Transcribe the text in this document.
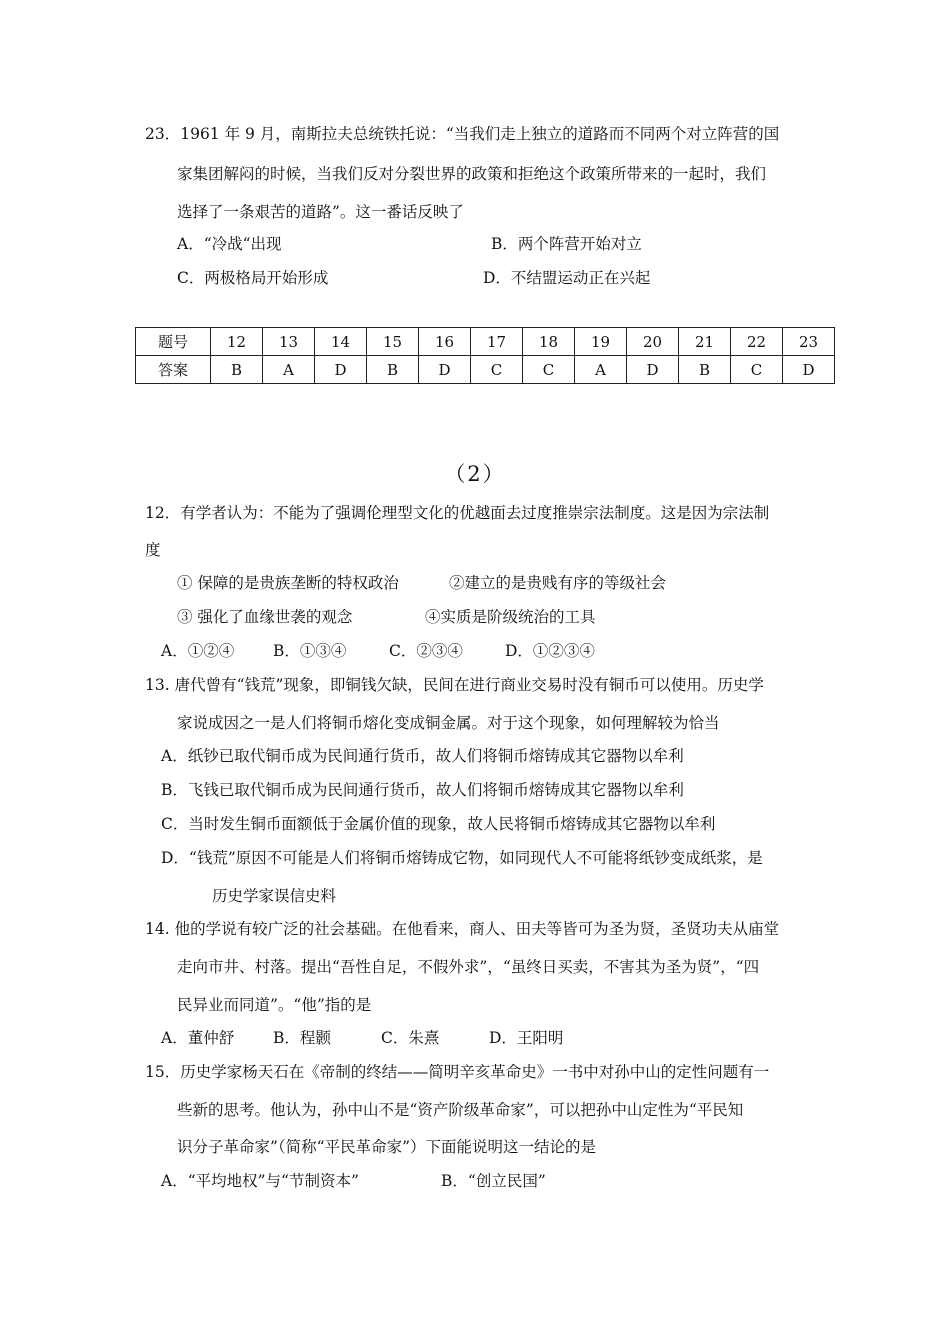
23．1961 年 9 月，南斯拉夫总统铁托说：“当我们走上独立的道路而不同两个对立阵营的国
家集团解闷的时候，当我们反对分裂世界的政策和拒绝这个政策所带来的一起时，我们
选择了一条艰苦的道路”。这一番话反映了
A．“冷战“出现	B．两个阵营开始对立
C．两极格局开始形成	D．不结盟运动正在兴起
题号	12	13	14	15	16	17	18	19	20	21	22	23
答案	B	A	D	B	D	C	C	A	D	B	C	D
（2）
12．有学者认为：不能为了强调伦理型文化的优越面去过度推崇宗法制度。这是因为宗法制
度
① 保障的是贵族垄断的特权政治	②建立的是贵贱有序的等级社会
③ 强化了血缘世袭的观念	④实质是阶级统治的工具
A．①②④	B．①③④	C．②③④	D．①②③④
13. 唐代曾有“钱荒”现象，即铜钱欠缺，民间在进行商业交易时没有铜币可以使用。历史学
家说成因之一是人们将铜币熔化变成铜金属。对于这个现象，如何理解较为恰当
A．纸钞已取代铜币成为民间通行货币，故人们将铜币熔铸成其它器物以牟利
B．飞钱已取代铜币成为民间通行货币，故人们将铜币熔铸成其它器物以牟利
C．当时发生铜币面额低于金属价值的现象，故人民将铜币熔铸成其它器物以牟利
D．“钱荒”原因不可能是人们将铜币熔铸成它物，如同现代人不可能将纸钞变成纸浆，是
历史学家误信史料
14. 他的学说有较广泛的社会基础。在他看来，商人、田夫等皆可为圣为贤，圣贤功夫从庙堂
走向市井、村落。提出“吾性自足，不假外求”，“虽终日买卖，不害其为圣为贤”，“四
民异业而同道”。“他”指的是
A．董仲舒	B．程颢	C．朱熹	D．王阳明
15．历史学家杨天石在《帝制的终结——简明辛亥革命史》一书中对孙中山的定性问题有一
些新的思考。他认为，孙中山不是“资产阶级革命家”，可以把孙中山定性为“平民知
识分子革命家”（简称“平民革命家”）下面能说明这一结论的是
A．“平均地权”与“节制资本”	B．“创立民国”
